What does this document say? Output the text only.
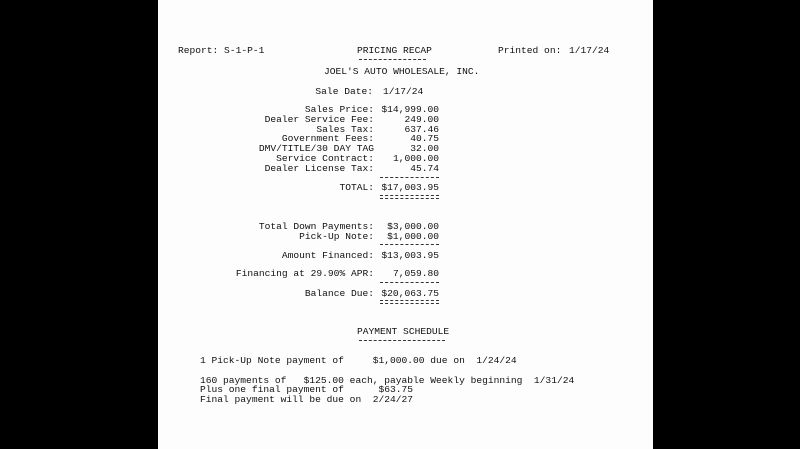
Report: S-1-P-1	PRICING RECAP	Printed on: 1/17/24
JOEL'S AUTO WHOLESALE, INC.
Sale Date: 1/17/24
Sales Price: $14,999.00
Dealer Service Fee:	249.00
Sales Tax:	637.46
Government Fees:	40.75
DMV/TITLE/30 DAY TAG	32.00
Service Contract: 1,000.00
Dealer License Tax:	45.74
TOTAL: $17,003.95
Total Down Payments: $3,000.00
Pick-Up Note: $1,000.00
Amount Financed: $13,003.95
Financing at 29.90% APR: 7,059.80
Balance Due: $20,063.75
PAYMENT SCHEDULE
1 Pick-Up Note payment of     $1,000.00 due on  1/24/24
160 payments of   $125.00 each, payable Weekly beginning  1/31/24
Plus one final payment of      $63.75
Final payment will be due on  2/24/27
